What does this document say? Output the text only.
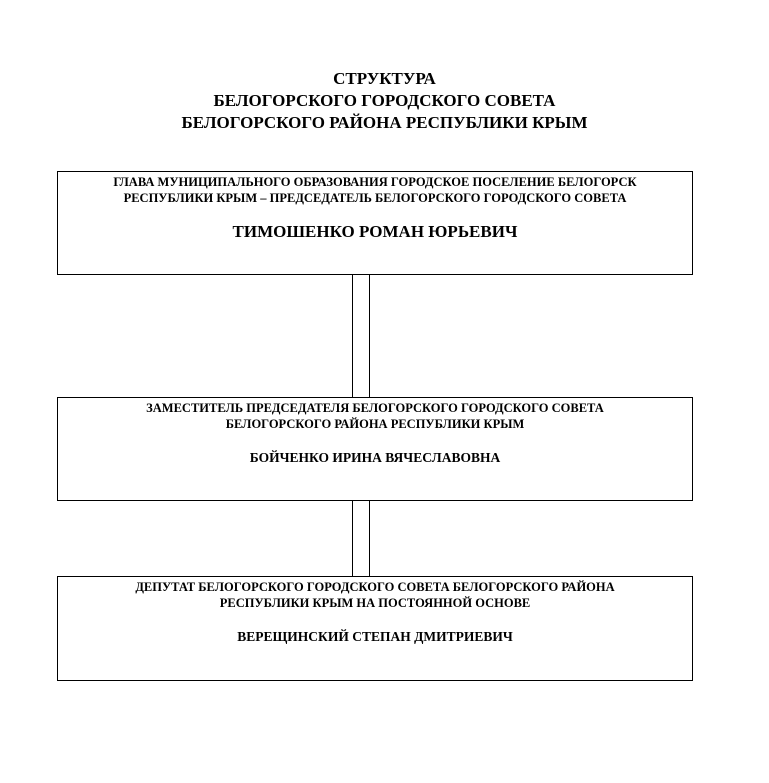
СТРУКТУРА
БЕЛОГОРСКОГО ГОРОДСКОГО СОВЕТА
БЕЛОГОРСКОГО РАЙОНА РЕСПУБЛИКИ КРЫМ
ГЛАВА МУНИЦИПАЛЬНОГО ОБРАЗОВАНИЯ ГОРОДСКОЕ ПОСЕЛЕНИЕ БЕЛОГОРСК
РЕСПУБЛИКИ КРЫМ – ПРЕДСЕДАТЕЛЬ БЕЛОГОРСКОГО ГОРОДСКОГО СОВЕТА
ТИМОШЕНКО РОМАН ЮРЬЕВИЧ
ЗАМЕСТИТЕЛЬ ПРЕДСЕДАТЕЛЯ БЕЛОГОРСКОГО ГОРОДСКОГО СОВЕТА
БЕЛОГОРСКОГО РАЙОНА РЕСПУБЛИКИ КРЫМ
БОЙЧЕНКО ИРИНА ВЯЧЕСЛАВОВНА
ДЕПУТАТ БЕЛОГОРСКОГО ГОРОДСКОГО СОВЕТА БЕЛОГОРСКОГО РАЙОНА
РЕСПУБЛИКИ КРЫМ НА ПОСТОЯННОЙ ОСНОВЕ
ВЕРЕЩИНСКИЙ СТЕПАН ДМИТРИЕВИЧ
